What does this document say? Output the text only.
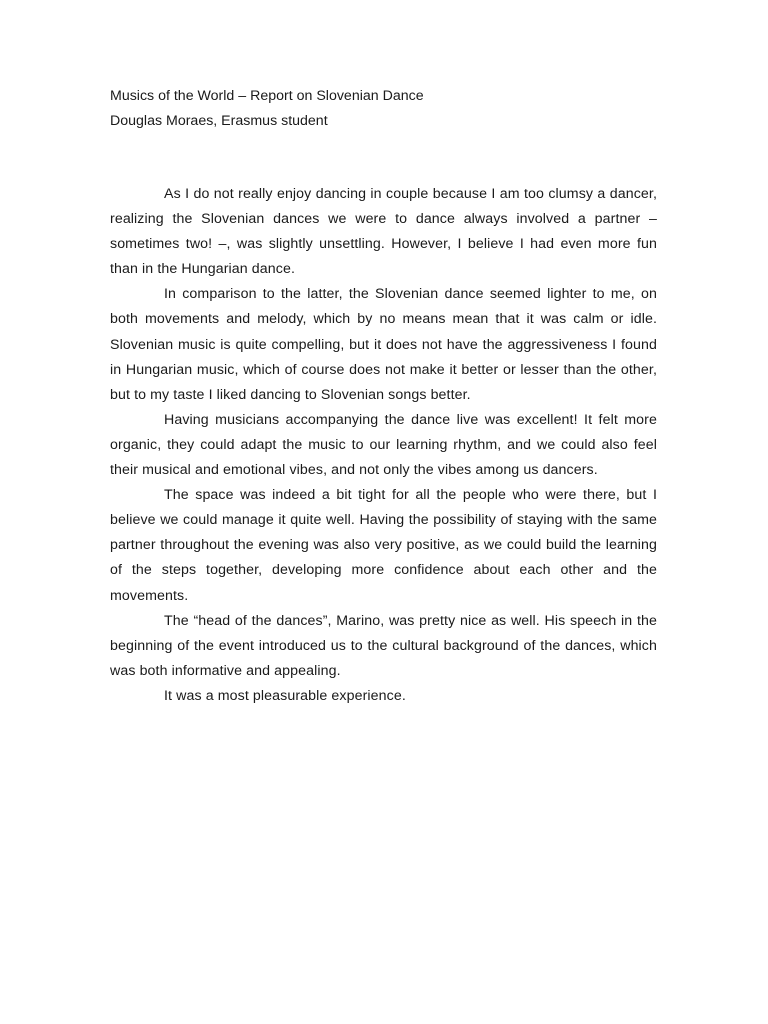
Musics of the World – Report on Slovenian Dance
Douglas Moraes, Erasmus student

As I do not really enjoy dancing in couple because I am too clumsy a dancer, realizing the Slovenian dances we were to dance always involved a partner – sometimes two! –, was slightly unsettling. However, I believe I had even more fun than in the Hungarian dance.

In comparison to the latter, the Slovenian dance seemed lighter to me, on both movements and melody, which by no means mean that it was calm or idle. Slovenian music is quite compelling, but it does not have the aggressiveness I found in Hungarian music, which of course does not make it better or lesser than the other, but to my taste I liked dancing to Slovenian songs better.

Having musicians accompanying the dance live was excellent! It felt more organic, they could adapt the music to our learning rhythm, and we could also feel their musical and emotional vibes, and not only the vibes among us dancers.

The space was indeed a bit tight for all the people who were there, but I believe we could manage it quite well. Having the possibility of staying with the same partner throughout the evening was also very positive, as we could build the learning of the steps together, developing more confidence about each other and the movements.

The “head of the dances”, Marino, was pretty nice as well. His speech in the beginning of the event introduced us to the cultural background of the dances, which was both informative and appealing.

It was a most pleasurable experience.
